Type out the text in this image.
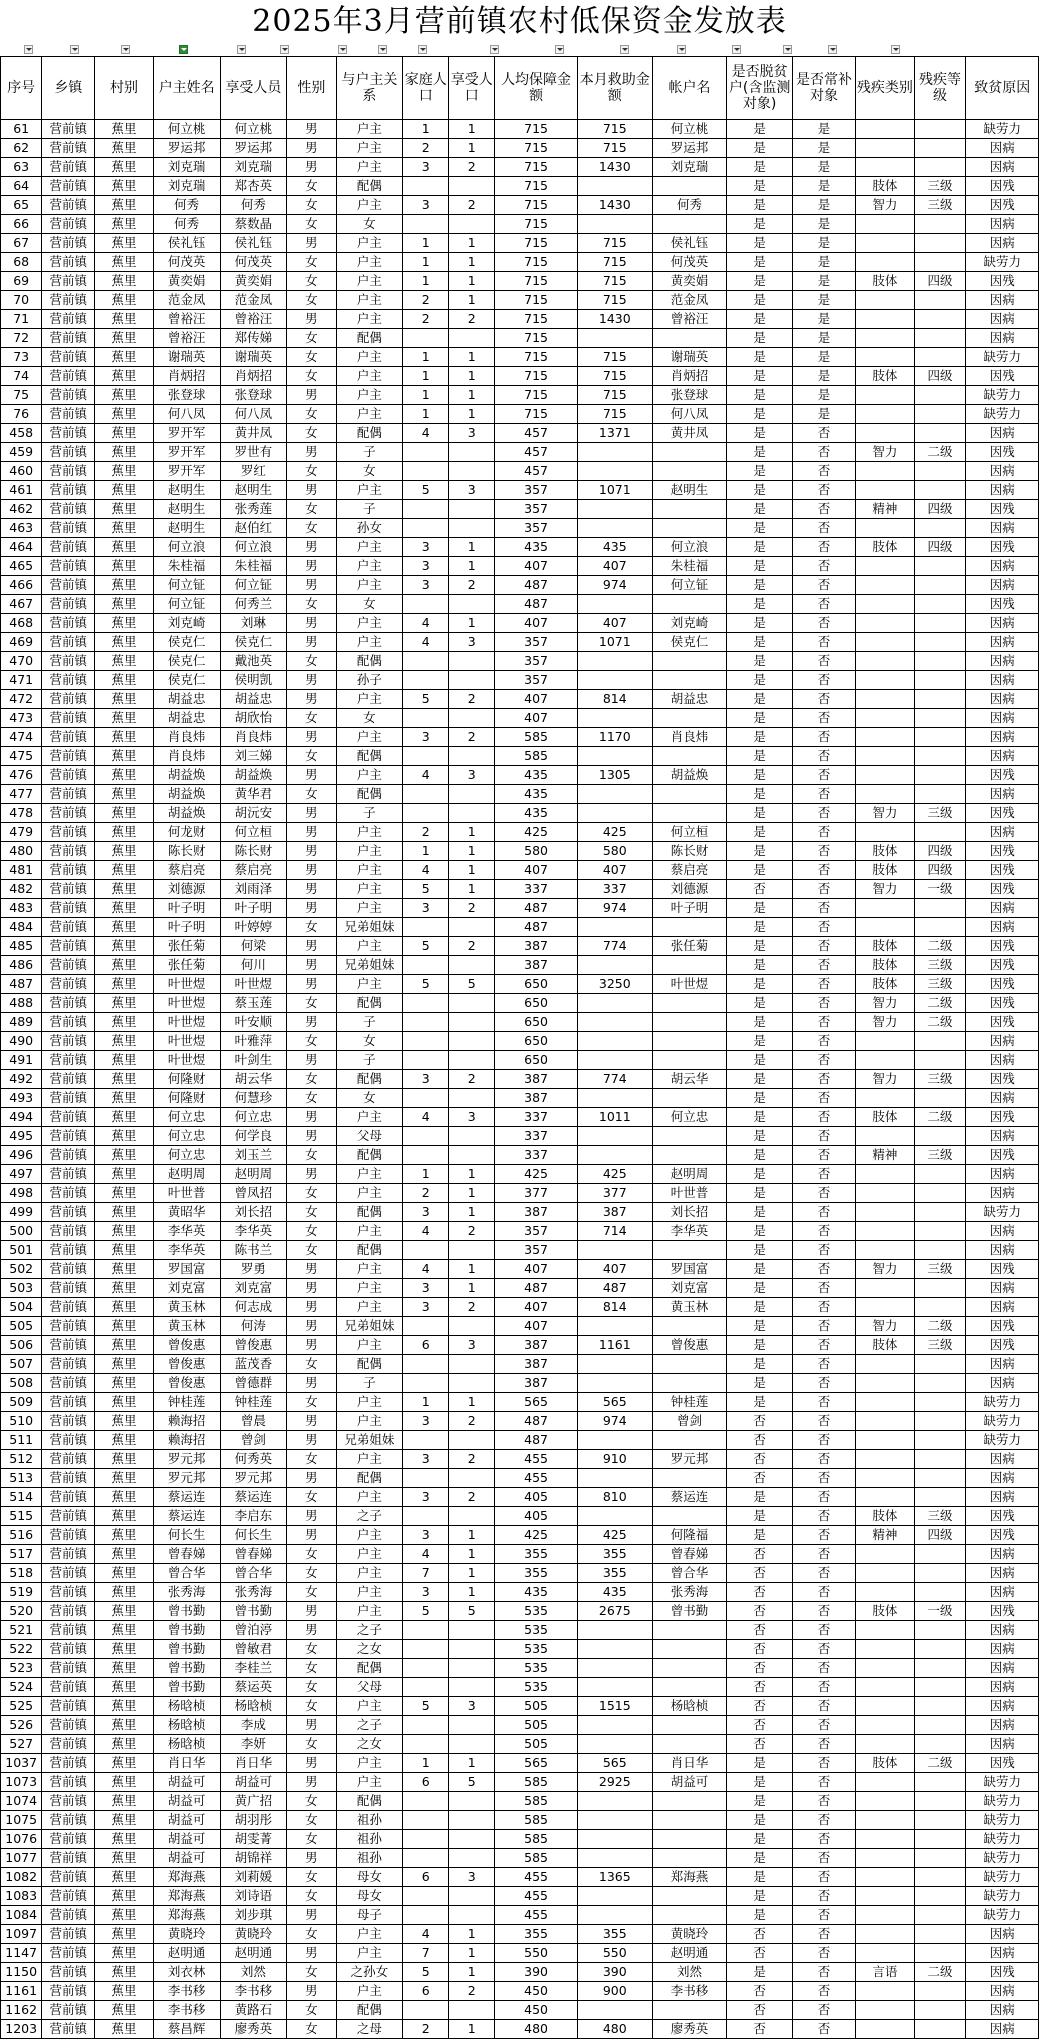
2025年3月营前镇农村低保资金发放表
序号	乡镇	村别	户主姓名	享受人员	性别	与户主关系	家庭人口	享受人口	人均保障金额	本月救助金额	帐户名	是否脱贫户(含监测对象)	是否常补对象	残疾类别	残疾等级	致贫原因
61	营前镇	蕉里	何立桃	何立桃	男	户主	1	1	715	715	何立桃	是	是			缺劳力
62	营前镇	蕉里	罗运邦	罗运邦	男	户主	2	1	715	715	罗运邦	是	是			因病
63	营前镇	蕉里	刘克瑞	刘克瑞	男	户主	3	2	715	1430	刘克瑞	是	是			因病
64	营前镇	蕉里	刘克瑞	郑杏英	女	配偶			715			是	是	肢体	三级	因残
65	营前镇	蕉里	何秀	何秀	女	户主	3	2	715	1430	何秀	是	是	智力	三级	因残
66	营前镇	蕉里	何秀	蔡数晶	女	女			715			是	是			因病
67	营前镇	蕉里	侯礼钰	侯礼钰	男	户主	1	1	715	715	侯礼钰	是	是			因病
68	营前镇	蕉里	何茂英	何茂英	女	户主	1	1	715	715	何茂英	是	是			缺劳力
69	营前镇	蕉里	黄奕娟	黄奕娟	女	户主	1	1	715	715	黄奕娟	是	是	肢体	四级	因残
70	营前镇	蕉里	范金凤	范金凤	女	户主	2	1	715	715	范金凤	是	是			因病
71	营前镇	蕉里	曾裕汪	曾裕汪	男	户主	2	2	715	1430	曾裕汪	是	是			因病
72	营前镇	蕉里	曾裕汪	郑传娣	女	配偶			715			是	是			因病
73	营前镇	蕉里	谢瑞英	谢瑞英	女	户主	1	1	715	715	谢瑞英	是	是			缺劳力
74	营前镇	蕉里	肖炳招	肖炳招	女	户主	1	1	715	715	肖炳招	是	是	肢体	四级	因残
75	营前镇	蕉里	张登球	张登球	男	户主	1	1	715	715	张登球	是	是			缺劳力
76	营前镇	蕉里	何八凤	何八凤	女	户主	1	1	715	715	何八凤	是	是			缺劳力
458	营前镇	蕉里	罗开军	黄井凤	女	配偶	4	3	457	1371	黄井凤	是	否			因病
459	营前镇	蕉里	罗开军	罗世有	男	子			457			是	否	智力	二级	因残
460	营前镇	蕉里	罗开军	罗红	女	女			457			是	否			因病
461	营前镇	蕉里	赵明生	赵明生	男	户主	5	3	357	1071	赵明生	是	否			因病
462	营前镇	蕉里	赵明生	张秀莲	女	子			357			是	否	精神	四级	因残
463	营前镇	蕉里	赵明生	赵伯红	女	孙女			357			是	否			因病
464	营前镇	蕉里	何立浪	何立浪	男	户主	3	1	435	435	何立浪	是	否	肢体	四级	因残
465	营前镇	蕉里	朱桂福	朱桂福	男	户主	3	1	407	407	朱桂福	是	否			因病
466	营前镇	蕉里	何立钲	何立钲	男	户主	3	2	487	974	何立钲	是	否			因病
467	营前镇	蕉里	何立钲	何秀兰	女	女			487			是	否			因残
468	营前镇	蕉里	刘克崎	刘琳	男	户主	4	1	407	407	刘克崎	是	否			因病
469	营前镇	蕉里	侯克仁	侯克仁	男	户主	4	3	357	1071	侯克仁	是	否			因病
470	营前镇	蕉里	侯克仁	戴池英	女	配偶			357			是	否			因病
471	营前镇	蕉里	侯克仁	侯明凯	男	孙子			357			是	否			因病
472	营前镇	蕉里	胡益忠	胡益忠	男	户主	5	2	407	814	胡益忠	是	否			因病
473	营前镇	蕉里	胡益忠	胡欣怡	女	女			407			是	否			因病
474	营前镇	蕉里	肖良炜	肖良炜	男	户主	3	2	585	1170	肖良炜	是	否			因病
475	营前镇	蕉里	肖良炜	刘三娣	女	配偶			585			是	否			因病
476	营前镇	蕉里	胡益焕	胡益焕	男	户主	4	3	435	1305	胡益焕	是	否			因残
477	营前镇	蕉里	胡益焕	黄华君	女	配偶			435			是	否			因病
478	营前镇	蕉里	胡益焕	胡沅安	男	子			435			是	否	智力	三级	因残
479	营前镇	蕉里	何龙财	何立桓	男	户主	2	1	425	425	何立桓	是	否			因病
480	营前镇	蕉里	陈长财	陈长财	男	户主	1	1	580	580	陈长财	是	否	肢体	四级	因残
481	营前镇	蕉里	蔡启亮	蔡启亮	男	户主	4	1	407	407	蔡启亮	是	否	肢体	四级	因残
482	营前镇	蕉里	刘德源	刘雨泽	男	户主	5	1	337	337	刘德源	否	否	智力	一级	因残
483	营前镇	蕉里	叶子明	叶子明	男	户主	3	2	487	974	叶子明	是	否			因病
484	营前镇	蕉里	叶子明	叶婷婷	女	兄弟姐妹			487			是	否			因病
485	营前镇	蕉里	张任菊	何梁	男	户主	5	2	387	774	张任菊	是	否	肢体	二级	因残
486	营前镇	蕉里	张任菊	何川	男	兄弟姐妹			387			是	否	肢体	三级	因残
487	营前镇	蕉里	叶世煜	叶世煜	男	户主	5	5	650	3250	叶世煜	是	否	肢体	三级	因残
488	营前镇	蕉里	叶世煜	蔡玉莲	女	配偶			650			是	否	智力	二级	因残
489	营前镇	蕉里	叶世煜	叶安顺	男	子			650			是	否	智力	二级	因残
490	营前镇	蕉里	叶世煜	叶雅萍	女	女			650			是	否			因病
491	营前镇	蕉里	叶世煜	叶剑生	男	子			650			是	否			因病
492	营前镇	蕉里	何隆财	胡云华	女	配偶	3	2	387	774	胡云华	是	否	智力	三级	因残
493	营前镇	蕉里	何隆财	何慧珍	女	女			387			是	否			因病
494	营前镇	蕉里	何立忠	何立忠	男	户主	4	3	337	1011	何立忠	是	否	肢体	二级	因残
495	营前镇	蕉里	何立忠	何学良	男	父母			337			是	否			因病
496	营前镇	蕉里	何立忠	刘玉兰	女	配偶			337			是	否	精神	三级	因残
497	营前镇	蕉里	赵明周	赵明周	男	户主	1	1	425	425	赵明周	是	否			因病
498	营前镇	蕉里	叶世普	曾凤招	女	户主	2	1	377	377	叶世普	是	否			因病
499	营前镇	蕉里	黄昭华	刘长招	女	配偶	3	1	387	387	刘长招	是	否			缺劳力
500	营前镇	蕉里	李华英	李华英	女	户主	4	2	357	714	李华英	是	否			因病
501	营前镇	蕉里	李华英	陈书兰	女	配偶			357			是	否			因病
502	营前镇	蕉里	罗国富	罗勇	男	户主	4	1	407	407	罗国富	是	否	智力	三级	因残
503	营前镇	蕉里	刘克富	刘克富	男	户主	3	1	487	487	刘克富	是	否			因病
504	营前镇	蕉里	黄玉林	何志成	男	户主	3	2	407	814	黄玉林	是	否			因病
505	营前镇	蕉里	黄玉林	何涛	男	兄弟姐妹			407			是	否	智力	二级	因残
506	营前镇	蕉里	曾俊惠	曾俊惠	男	户主	6	3	387	1161	曾俊惠	是	否	肢体	三级	因残
507	营前镇	蕉里	曾俊惠	蓝茂香	女	配偶			387			是	否			因病
508	营前镇	蕉里	曾俊惠	曾德群	男	子			387			是	否			因病
509	营前镇	蕉里	钟桂莲	钟桂莲	女	户主	1	1	565	565	钟桂莲	是	否			缺劳力
510	营前镇	蕉里	赖海招	曾晨	男	户主	3	2	487	974	曾剑	否	否			缺劳力
511	营前镇	蕉里	赖海招	曾剑	男	兄弟姐妹			487			否	否			缺劳力
512	营前镇	蕉里	罗元邦	何秀英	女	户主	3	2	455	910	罗元邦	否	否			因病
513	营前镇	蕉里	罗元邦	罗元邦	男	配偶			455			否	否			因病
514	营前镇	蕉里	蔡运连	蔡运连	女	户主	3	2	405	810	蔡运连	是	否			因病
515	营前镇	蕉里	蔡运连	李启东	男	之子			405			是	否	肢体	三级	因残
516	营前镇	蕉里	何长生	何长生	男	户主	3	1	425	425	何隆福	是	否	精神	四级	因残
517	营前镇	蕉里	曾春娣	曾春娣	女	户主	4	1	355	355	曾春娣	否	否			因病
518	营前镇	蕉里	曾合华	曾合华	女	户主	7	1	355	355	曾合华	否	否			因病
519	营前镇	蕉里	张秀海	张秀海	女	户主	3	1	435	435	张秀海	否	否			因病
520	营前镇	蕉里	曾书勤	曾书勤	男	户主	5	5	535	2675	曾书勤	否	否	肢体	一级	因残
521	营前镇	蕉里	曾书勤	曾泊渟	男	之子			535			否	否			因病
522	营前镇	蕉里	曾书勤	曾敏君	女	之女			535			否	否			因病
523	营前镇	蕉里	曾书勤	李桂兰	女	配偶			535			否	否			因病
524	营前镇	蕉里	曾书勤	蔡运英	女	父母			535			否	否			因病
525	营前镇	蕉里	杨晗桢	杨晗桢	女	户主	5	3	505	1515	杨晗桢	否	否			因病
526	营前镇	蕉里	杨晗桢	李成	男	之子			505			否	否			因病
527	营前镇	蕉里	杨晗桢	李妍	女	之女			505			否	否			因病
1037	营前镇	蕉里	肖日华	肖日华	男	户主	1	1	565	565	肖日华	是	否	肢体	二级	因残
1073	营前镇	蕉里	胡益可	胡益可	男	户主	6	5	585	2925	胡益可	是	否			缺劳力
1074	营前镇	蕉里	胡益可	黄广招	女	配偶			585			是	否			缺劳力
1075	营前镇	蕉里	胡益可	胡羽彤	女	祖孙			585			是	否			缺劳力
1076	营前镇	蕉里	胡益可	胡雯菁	女	祖孙			585			是	否			缺劳力
1077	营前镇	蕉里	胡益可	胡锦祥	男	祖孙			585			是	否			缺劳力
1082	营前镇	蕉里	郑海燕	刘莉媛	女	母女	6	3	455	1365	郑海燕	是	否			缺劳力
1083	营前镇	蕉里	郑海燕	刘诗语	女	母女			455			是	否			缺劳力
1084	营前镇	蕉里	郑海燕	刘步琪	男	母子			455			是	否			缺劳力
1097	营前镇	蕉里	黄晓玲	黄晓玲	女	户主	4	1	355	355	黄晓玲	否	否			因病
1147	营前镇	蕉里	赵明通	赵明通	男	户主	7	1	550	550	赵明通	否	否			因病
1150	营前镇	蕉里	刘衣林	刘然	女	之孙女	5	1	390	390	刘然	是	否	言语	二级	因残
1161	营前镇	蕉里	李书移	李书移	男	户主	6	2	450	900	李书移	否	否			因病
1162	营前镇	蕉里	李书移	黄路石	女	配偶			450			否	否			因病
1203	营前镇	蕉里	蔡昌辉	廖秀英	女	之母	2	1	480	480	廖秀英	否	否			因病
